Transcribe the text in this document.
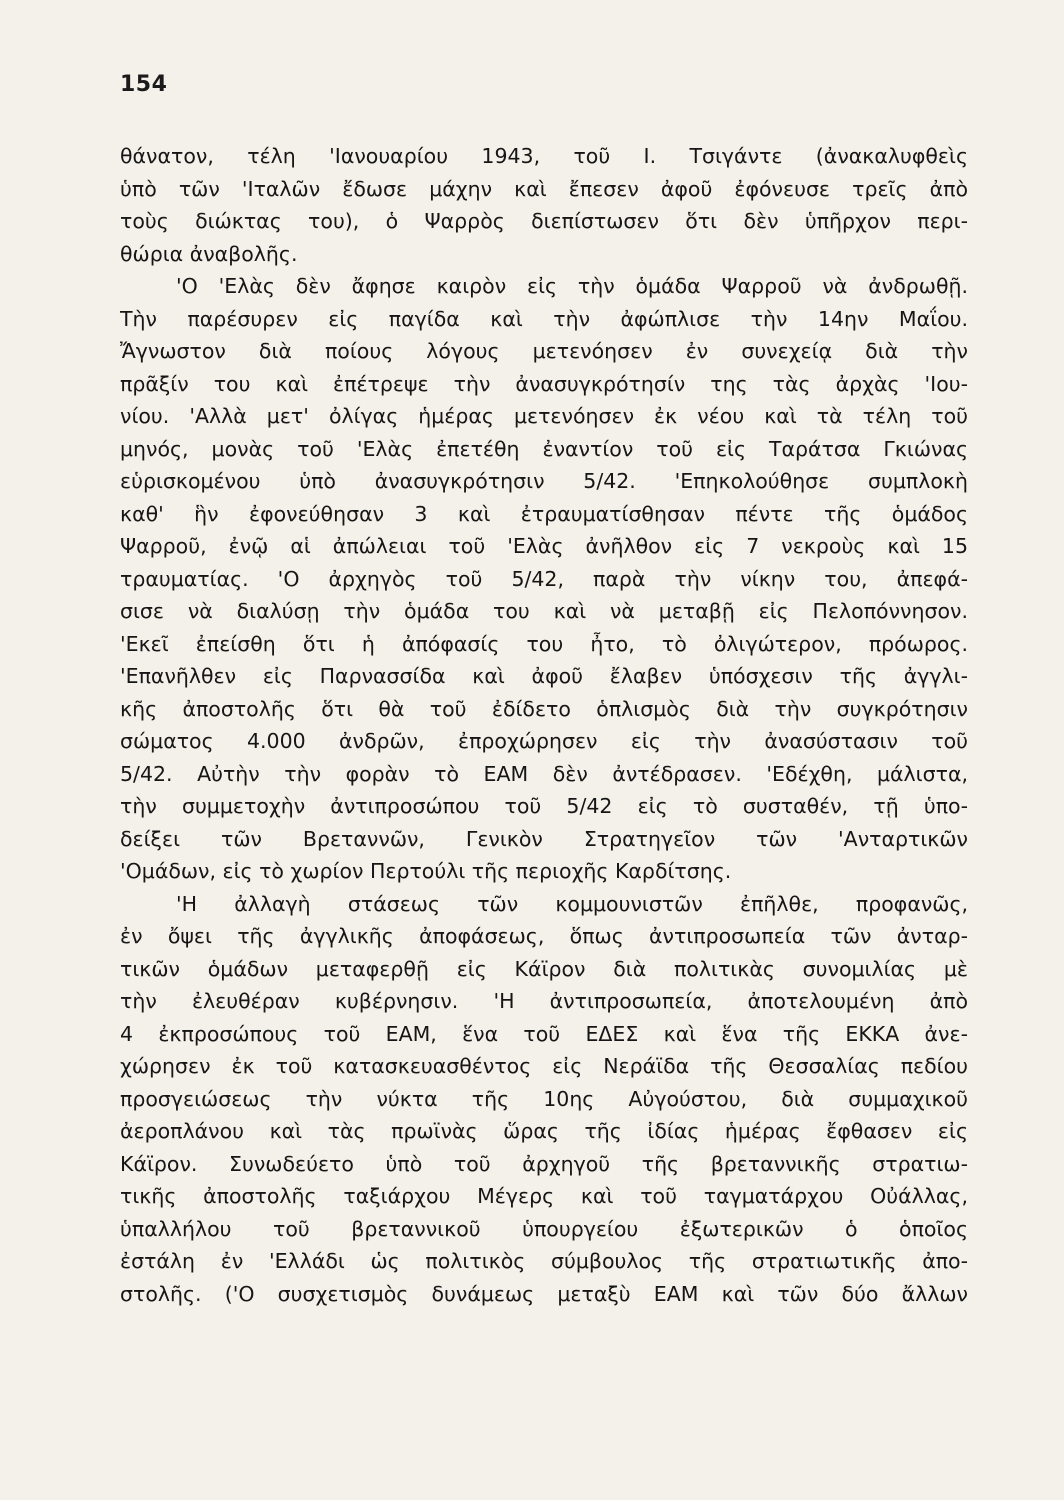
154
θάνατον, τέλη 'Ιανουαρίου 1943, τοῦ Ι. Τσιγάντε (ἀνακαλυφθεὶς
ὑπὸ τῶν 'Ιταλῶν ἔδωσε μάχην καὶ ἔπεσεν ἀφοῦ ἐφόνευσε τρεῖς ἀπὸ
τοὺς διώκτας του), ὁ Ψαρρὸς διεπίστωσεν ὅτι δὲν ὑπῆρχον περι-
θώρια ἀναβολῆς.
'Ο 'Ελὰς δὲν ἄφησε καιρὸν εἰς τὴν ὁμάδα Ψαρροῦ νὰ ἀνδρωθῇ.
Τὴν παρέσυρεν εἰς παγίδα καὶ τὴν ἀφώπλισε τὴν 14ην Μαΐου.
Ἄγνωστον διὰ ποίους λόγους μετενόησεν ἐν συνεχείᾳ διὰ τὴν
πρᾶξίν του καὶ ἐπέτρεψε τὴν ἀνασυγκρότησίν της τὰς ἀρχὰς 'Ιου-
νίου. 'Αλλὰ μετ' ὀλίγας ἡμέρας μετενόησεν ἐκ νέου καὶ τὰ τέλη τοῦ
μηνός, μονὰς τοῦ 'Ελὰς ἐπετέθη ἐναντίον τοῦ εἰς Ταράτσα Γκιώνας
εὑρισκομένου ὑπὸ ἀνασυγκρότησιν 5/42. 'Επηκολούθησε συμπλοκὴ
καθ' ἣν ἐφονεύθησαν 3 καὶ ἐτραυματίσθησαν πέντε τῆς ὁμάδος
Ψαρροῦ, ἐνῷ αἱ ἀπώλειαι τοῦ 'Ελὰς ἀνῆλθον εἰς 7 νεκροὺς καὶ 15
τραυματίας. 'Ο ἀρχηγὸς τοῦ 5/42, παρὰ τὴν νίκην του, ἀπεφά-
σισε νὰ διαλύσῃ τὴν ὁμάδα του καὶ νὰ μεταβῇ εἰς Πελοπόννησον.
'Εκεῖ ἐπείσθη ὅτι ἡ ἀπόφασίς του ἦτο, τὸ ὀλιγώτερον, πρόωρος.
'Επανῆλθεν εἰς Παρνασσίδα καὶ ἀφοῦ ἔλαβεν ὑπόσχεσιν τῆς ἀγγλι-
κῆς ἀποστολῆς ὅτι θὰ τοῦ ἐδίδετο ὁπλισμὸς διὰ τὴν συγκρότησιν
σώματος 4.000 ἀνδρῶν, ἐπροχώρησεν εἰς τὴν ἀνασύστασιν τοῦ
5/42. Αὐτὴν τὴν φορὰν τὸ ΕΑΜ δὲν ἀντέδρασεν. 'Εδέχθη, μάλιστα,
τὴν συμμετοχὴν ἀντιπροσώπου τοῦ 5/42 εἰς τὸ συσταθέν, τῇ ὑπο-
δείξει τῶν Βρεταννῶν, Γενικὸν Στρατηγεῖον τῶν 'Ανταρτικῶν
'Ομάδων, εἰς τὸ χωρίον Περτούλι τῆς περιοχῆς Καρδίτσης.
'Η ἀλλαγὴ στάσεως τῶν κομμουνιστῶν ἐπῆλθε, προφανῶς,
ἐν ὄψει τῆς ἀγγλικῆς ἀποφάσεως, ὅπως ἀντιπροσωπεία τῶν ἀνταρ-
τικῶν ὁμάδων μεταφερθῇ εἰς Κάϊρον διὰ πολιτικὰς συνομιλίας μὲ
τὴν ἐλευθέραν κυβέρνησιν. 'Η ἀντιπροσωπεία, ἀποτελουμένη ἀπὸ
4 ἐκπροσώπους τοῦ ΕΑΜ, ἕνα τοῦ ΕΔΕΣ καὶ ἕνα τῆς ΕΚΚΑ ἀνε-
χώρησεν ἐκ τοῦ κατασκευασθέντος εἰς Νεράϊδα τῆς Θεσσαλίας πεδίου
προσγειώσεως τὴν νύκτα τῆς 10ης Αὐγούστου, διὰ συμμαχικοῦ
ἀεροπλάνου καὶ τὰς πρωϊνὰς ὥρας τῆς ἰδίας ἡμέρας ἔφθασεν εἰς
Κάϊρον. Συνωδεύετο ὑπὸ τοῦ ἀρχηγοῦ τῆς βρεταννικῆς στρατιω-
τικῆς ἀποστολῆς ταξιάρχου Μέγερς καὶ τοῦ ταγματάρχου Οὐάλλας,
ὑπαλλήλου τοῦ βρεταννικοῦ ὑπουργείου ἐξωτερικῶν ὁ ὁποῖος
ἐστάλη ἐν 'Ελλάδι ὡς πολιτικὸς σύμβουλος τῆς στρατιωτικῆς ἀπο-
στολῆς. ('Ο συσχετισμὸς δυνάμεως μεταξὺ ΕΑΜ καὶ τῶν δύο ἄλλων
